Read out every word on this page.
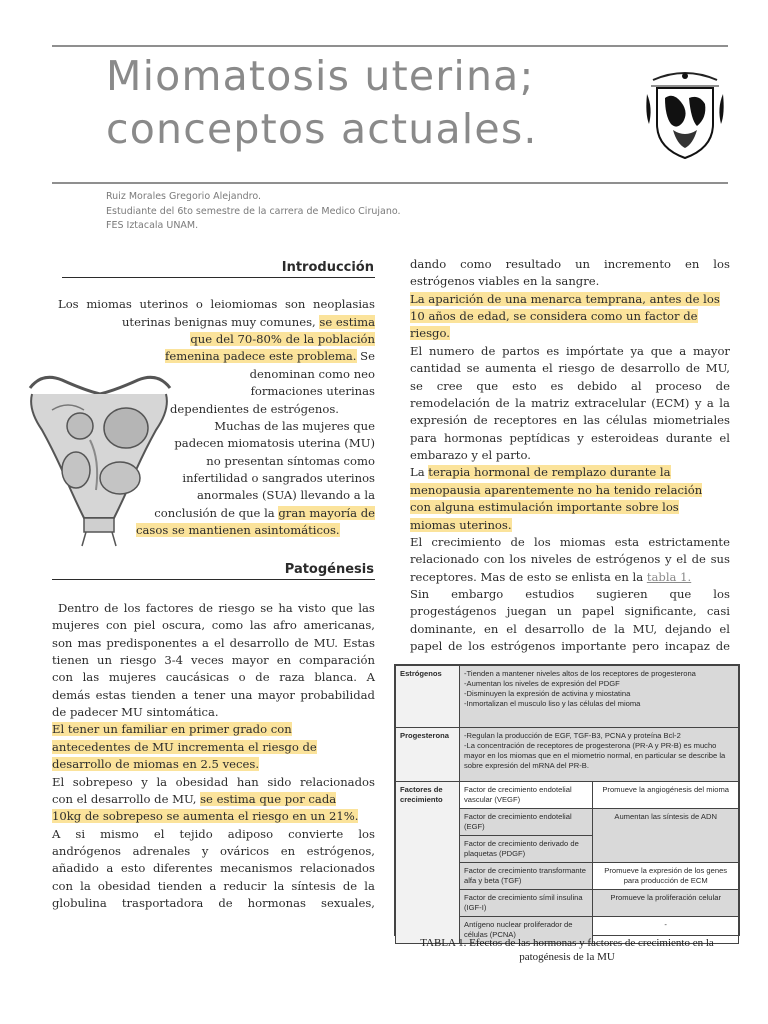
Miomatosis uterina;
conceptos actuales.
Ruiz Morales Gregorio Alejandro.
Estudiante del 6to semestre de la carrera de Medico Cirujano.
FES Iztacala UNAM.
Introducción
Los miomas uterinos o leiomiomas son neoplasias
uterinas benignas muy comunes, se estima
que del 70-80% de la población
femenina padece este problema. Se
denominan como neo
formaciones uterinas
dependientes de estrógenos.
Muchas de las mujeres que
padecen miomatosis uterina (MU)
no presentan síntomas como
infertilidad o sangrados uterinos
anormales (SUA) llevando a la
conclusión de que la gran mayoría de
casos se mantienen asintomáticos.
Patogénesis
Dentro de los factores de riesgo se ha visto que las
mujeres con piel oscura, como las afro americanas,
son mas predisponentes a el desarrollo de MU. Estas
tienen un riesgo 3-4 veces mayor en comparación
con las mujeres caucásicas o de raza blanca. A
demás estas tienden a tener una mayor probabilidad
de padecer MU sintomática.
El tener un familiar en primer grado con
antecedentes de MU incrementa el riesgo de
desarrollo de miomas en 2.5 veces.
El sobrepeso y la obesidad han sido relacionados
con el desarrollo de MU, se estima que por cada
10kg de sobrepeso se aumenta el riesgo en un 21%.
A si mismo el tejido adiposo convierte los
andrógenos adrenales y ováricos en estrógenos,
añadido a esto diferentes mecanismos relacionados
con la obesidad tienden a reducir la síntesis de la
globulina trasportadora de hormonas sexuales,
dando como resultado un incremento en los
estrógenos viables en la sangre.
La aparición de una menarca temprana, antes de los
10 años de edad, se considera como un factor de
riesgo.
El numero de partos es impórtate ya que a mayor
cantidad se aumenta el riesgo de desarrollo de MU,
se cree que esto es debido al proceso de
remodelación de la matriz extracelular (ECM) y a la
expresión de receptores en las células miometriales
para hormonas peptídicas y esteroideas durante el
embarazo y el parto.
La terapia hormonal de remplazo durante la
menopausia aparentemente no ha tenido relación
con alguna estimulación importante sobre los
miomas uterinos.
El crecimiento de los miomas esta estrictamente
relacionado con los niveles de estrógenos y el de sus
receptores. Mas de esto se enlista en la tabla 1.
Sin embargo estudios sugieren que los
progestágenos juegan un papel significante, casi
dominante, en el desarrollo de la MU, dejando el
papel de los estrógenos importante pero incapaz de
Estrógenos	-Tienden a mantener niveles altos de los receptores de progesterona
-Aumentan los niveles de expresión del PDGF
-Disminuyen la expresión de activina y miostatina
-Inmortalizan el musculo liso y las células del mioma	

Progesterona	-Regulan la producción de EGF, TGF-B3, PCNA y proteína Bcl-2
-La concentración de receptores de progesterona (PR-A y PR-B) es mucho mayor en los miomas que en el miometrio normal, en particular se describe la sobre expresión del mRNA del PR-B.	

Factores de crecimiento	Factor de crecimiento endotelial vascular (VEGF)	Promueve la angiogénesis del mioma
	Factor de crecimiento endotelial (EGF)	Aumentan las síntesis de ADN
	Factor de crecimiento derivado de plaquetas (PDGF)	
	Factor de crecimiento transformante alfa y beta (TGF)	Promueve la expresión de los genes para producción de ECM
	Factor de crecimiento símil insulina (IGF-I)	Promueve la proliferación celular
	Antígeno nuclear proliferador de células (PCNA)	-
TABLA 1. Efectos de las hormonas y factores de crecimiento en la patogénesis de la MU
